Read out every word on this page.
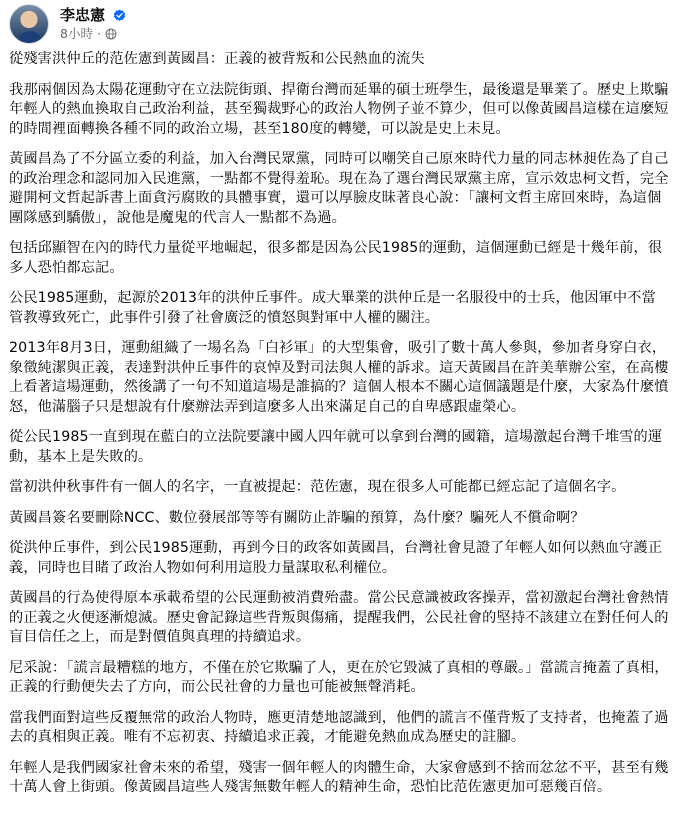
李忠憲
8小時 ·

從殘害洪仲丘的范佐憲到黃國昌：正義的被背叛和公民熱血的流失

我那兩個因為太陽花運動守在立法院街頭、捍衛台灣而延畢的碩士班學生，最後還是畢業了。歷史上欺騙年輕人的熱血換取自己政治利益，甚至獨裁野心的政治人物例子並不算少，但可以像黃國昌這樣在這麼短的時間裡面轉換各種不同的政治立場，甚至180度的轉變，可以說是史上未見。

黃國昌為了不分區立委的利益，加入台灣民眾黨，同時可以嘲笑自己原來時代力量的同志林昶佐為了自己的政治理念和認同加入民進黨，一點都不覺得羞恥。現在為了選台灣民眾黨主席，宣示效忠柯文哲，完全避開柯文哲起訴書上面貪污腐敗的具體事實，還可以厚臉皮昧著良心說：「讓柯文哲主席回來時，為這個團隊感到驕傲」，說他是魔鬼的代言人一點都不為過。

包括邱顯智在內的時代力量從平地崛起，很多都是因為公民1985的運動，這個運動已經是十幾年前，很多人恐怕都忘記。

公民1985運動，起源於2013年的洪仲丘事件。成大畢業的洪仲丘是一名服役中的士兵，他因軍中不當管教導致死亡，此事件引發了社會廣泛的憤怒與對軍中人權的關注。

2013年8月3日，運動組織了一場名為「白衫軍」的大型集會，吸引了數十萬人參與，參加者身穿白衣，象徵純潔與正義，表達對洪仲丘事件的哀悼及對司法與人權的訴求。這天黃國昌在許美華辦公室，在高樓上看著這場運動，然後講了一句不知道這場是誰搞的？這個人根本不關心這個議題是什麼，大家為什麼憤怒，他滿腦子只是想說有什麼辦法弄到這麼多人出來滿足自己的自卑感跟虛榮心。

從公民1985一直到現在藍白的立法院要讓中國人四年就可以拿到台灣的國籍，這場激起台灣千堆雪的運動，基本上是失敗的。

當初洪仲秋事件有一個人的名字，一直被提起：范佐憲，現在很多人可能都已經忘記了這個名字。

黃國昌簽名要刪除NCC、數位發展部等等有關防止詐騙的預算，為什麼？騙死人不償命啊？

從洪仲丘事件，到公民1985運動，再到今日的政客如黃國昌，台灣社會見證了年輕人如何以熱血守護正義，同時也目睹了政治人物如何利用這股力量謀取私利權位。

黃國昌的行為使得原本承載希望的公民運動被消費殆盡。當公民意識被政客操弄，當初激起台灣社會熱情的正義之火便逐漸熄滅。歷史會記錄這些背叛與傷痛，提醒我們，公民社會的堅持不該建立在對任何人的盲目信任之上，而是對價值與真理的持續追求。

尼采說：「謊言最糟糕的地方，不僅在於它欺騙了人，更在於它毀滅了真相的尊嚴。」當謊言掩蓋了真相，正義的行動便失去了方向，而公民社會的力量也可能被無聲消耗。

當我們面對這些反覆無常的政治人物時，應更清楚地認識到，他們的謊言不僅背叛了支持者，也掩蓋了過去的真相與正義。唯有不忘初衷、持續追求正義，才能避免熱血成為歷史的註腳。

年輕人是我們國家社會未來的希望，殘害一個年輕人的肉體生命，大家會感到不捨而忿忿不平，甚至有幾十萬人會上街頭。像黃國昌這些人殘害無數年輕人的精神生命，恐怕比范佐憲更加可惡幾百倍。
